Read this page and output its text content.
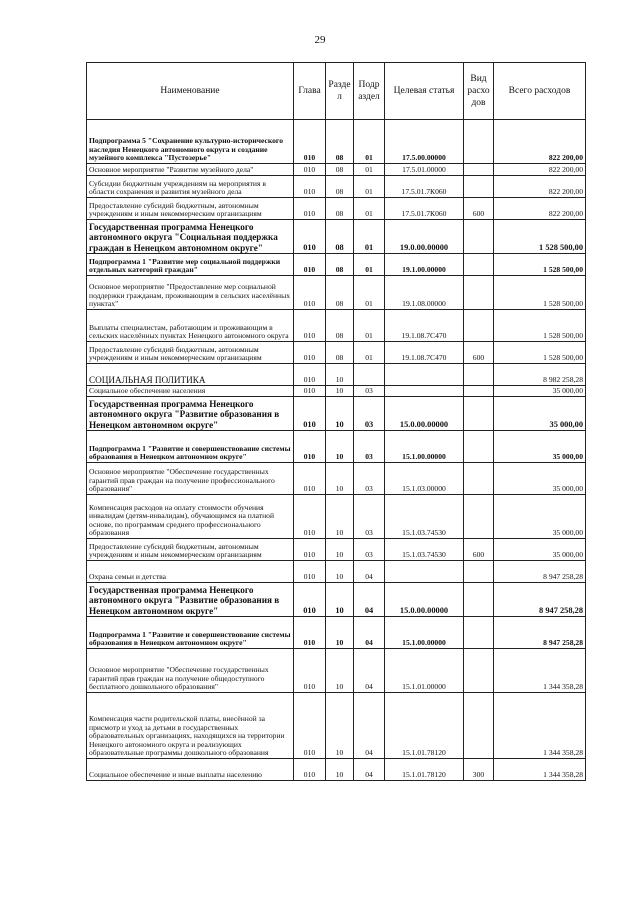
29
Наименование	Глава	Разде л	Подр аздел	Целевая статья	Вид расхо дов	Всего расходов
Подпрограмма 5 "Сохранение культурно-исторического наследия Ненецкого автономного округа и создание музейного комплекса "Пустозерье"	010	08	01	17.5.00.00000		822 200,00
Основное мероприятие "Развитие музейного дела"	010	08	01	17.5.01.00000		822 200,00
Субсидии бюджетным учреждениям на мероприятия в области сохранения и развития музейного дела	010	08	01	17.5.01.7К060		822 200,00
Предоставление субсидий бюджетным, автономным учреждениям и иным некоммерческим организациям	010	08	01	17.5.01.7К060	600	822 200,00
Государственная программа Ненецкого автономного округа "Социальная поддержка граждан в Ненецком автономном округе"	010	08	01	19.0.00.00000		1 528 500,00
Подпрограмма 1 "Развитие мер социальной поддержки отдельных категорий граждан"	010	08	01	19.1.00.00000		1 528 500,00
Основное мероприятие "Предоставление мер социальной поддержки гражданам, проживающим в сельских населённых пунктах"	010	08	01	19.1.08.00000		1 528 500,00
Выплаты специалистам, работающим и проживающим в сельских населённых пунктах Ненецкого автономного округа	010	08	01	19.1.08.7С470		1 528 500,00
Предоставление субсидий бюджетным, автономным учреждениям и иным некоммерческим организациям	010	08	01	19.1.08.7С470	600	1 528 500,00
СОЦИАЛЬНАЯ ПОЛИТИКА	010	10				8 982 258,28
Социальное обеспечение населения	010	10	03			35 000,00
Государственная программа Ненецкого автономного округа "Развитие образования в Ненецком автономном округе"	010	10	03	15.0.00.00000		35 000,00
Подпрограмма 1 "Развитие и совершенствование системы образования в Ненецком автономном округе"	010	10	03	15.1.00.00000		35 000,00
Основное мероприятие "Обеспечение государственных гарантий прав граждан на получение профессионального образования"	010	10	03	15.1.03.00000		35 000,00
Компенсация расходов на оплату стоимости обучения инвалидам (детям-инвалидам), обучающимся на платной основе, по программам среднего профессионального образования	010	10	03	15.1.03.74530		35 000,00
Предоставление субсидий бюджетным, автономным учреждениям и иным некоммерческим организациям	010	10	03	15.1.03.74530	600	35 000,00
Охрана семьи и детства	010	10	04			8 947 258,28
Государственная программа Ненецкого автономного округа "Развитие образования в Ненецком автономном округе"	010	10	04	15.0.00.00000		8 947 258,28
Подпрограмма 1 "Развитие и совершенствование системы образования в Ненецком автономном округе"	010	10	04	15.1.00.00000		8 947 258,28
Основное мероприятие "Обеспечение государственных гарантий прав граждан на получение общедоступного бесплатного дошкольного образования"	010	10	04	15.1.01.00000		1 344 358,28
Компенсация части родительской платы, внесённой за присмотр и уход за детьми в государственных образовательных организациях, находящихся на территории Ненецкого автономного округа и реализующих образовательные программы дошкольного образования	010	10	04	15.1.01.78120		1 344 358,28
Социальное обеспечение и иные выплаты населению	010	10	04	15.1.01.78120	300	1 344 358,28
